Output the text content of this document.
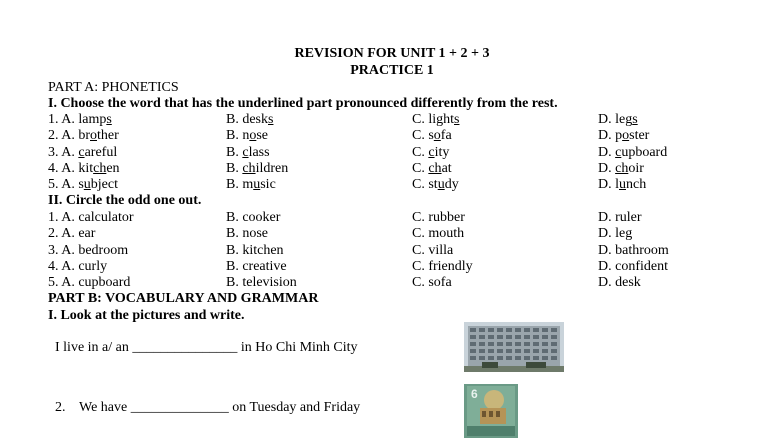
REVISION FOR UNIT 1 + 2 + 3
PRACTICE 1
PART A: PHONETICS
I. Choose the word that has the underlined part pronounced differently from the rest.
1. A. lamps	B. desks	C. lights	D. legs
2. A. brother	B. nose	C. sofa	D. poster
3. A. careful	B. class	C. city	D. cupboard
4. A. kitchen	B. children	C. chat	D. choir
5. A. subject	B. music	C. study	D. lunch
II. Circle the odd one out.
1. A. calculator	B. cooker	C. rubber	D. ruler
2. A. ear	B. nose	C. mouth	D. leg
3. A. bedroom	B. kitchen	C. villa	D. bathroom
4. A. curly	B. creative	C. friendly	D. confident
5. A. cupboard	B. television	C. sofa	D. desk
PART B: VOCABULARY AND GRAMMAR
I. Look at the pictures and write.
I live in a/ an _______________ in Ho Chi Minh City
2. We have ______________ on Tuesday and Friday
6
